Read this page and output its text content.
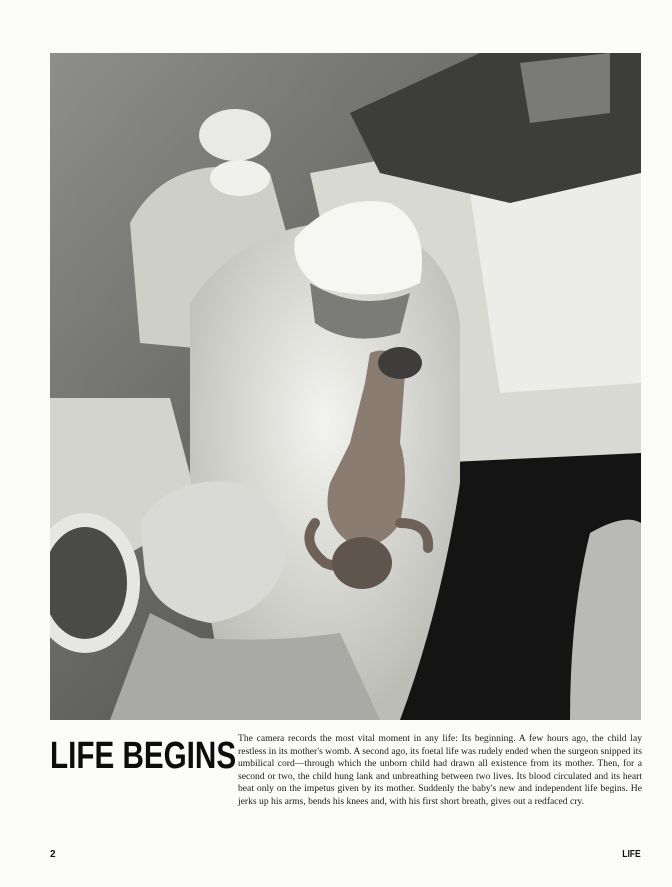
LIFE BEGINS The camera records the most vital moment in any life: Its beginning. A few hours ago, the child lay restless in its mother's womb. A second ago, its foetal life was rudely ended when the surgeon snipped its umbilical cord—through which the unborn child had drawn all existence from its mother. Then, for a second or two, the child hung lank and unbreathing between two lives. Its blood circulated and its heart beat only on the impetus given by its mother. Suddenly the baby's new and independent life begins. He jerks up his arms, bends his knees and, with his first short breath, gives out a redfaced cry.

2	LIFE
